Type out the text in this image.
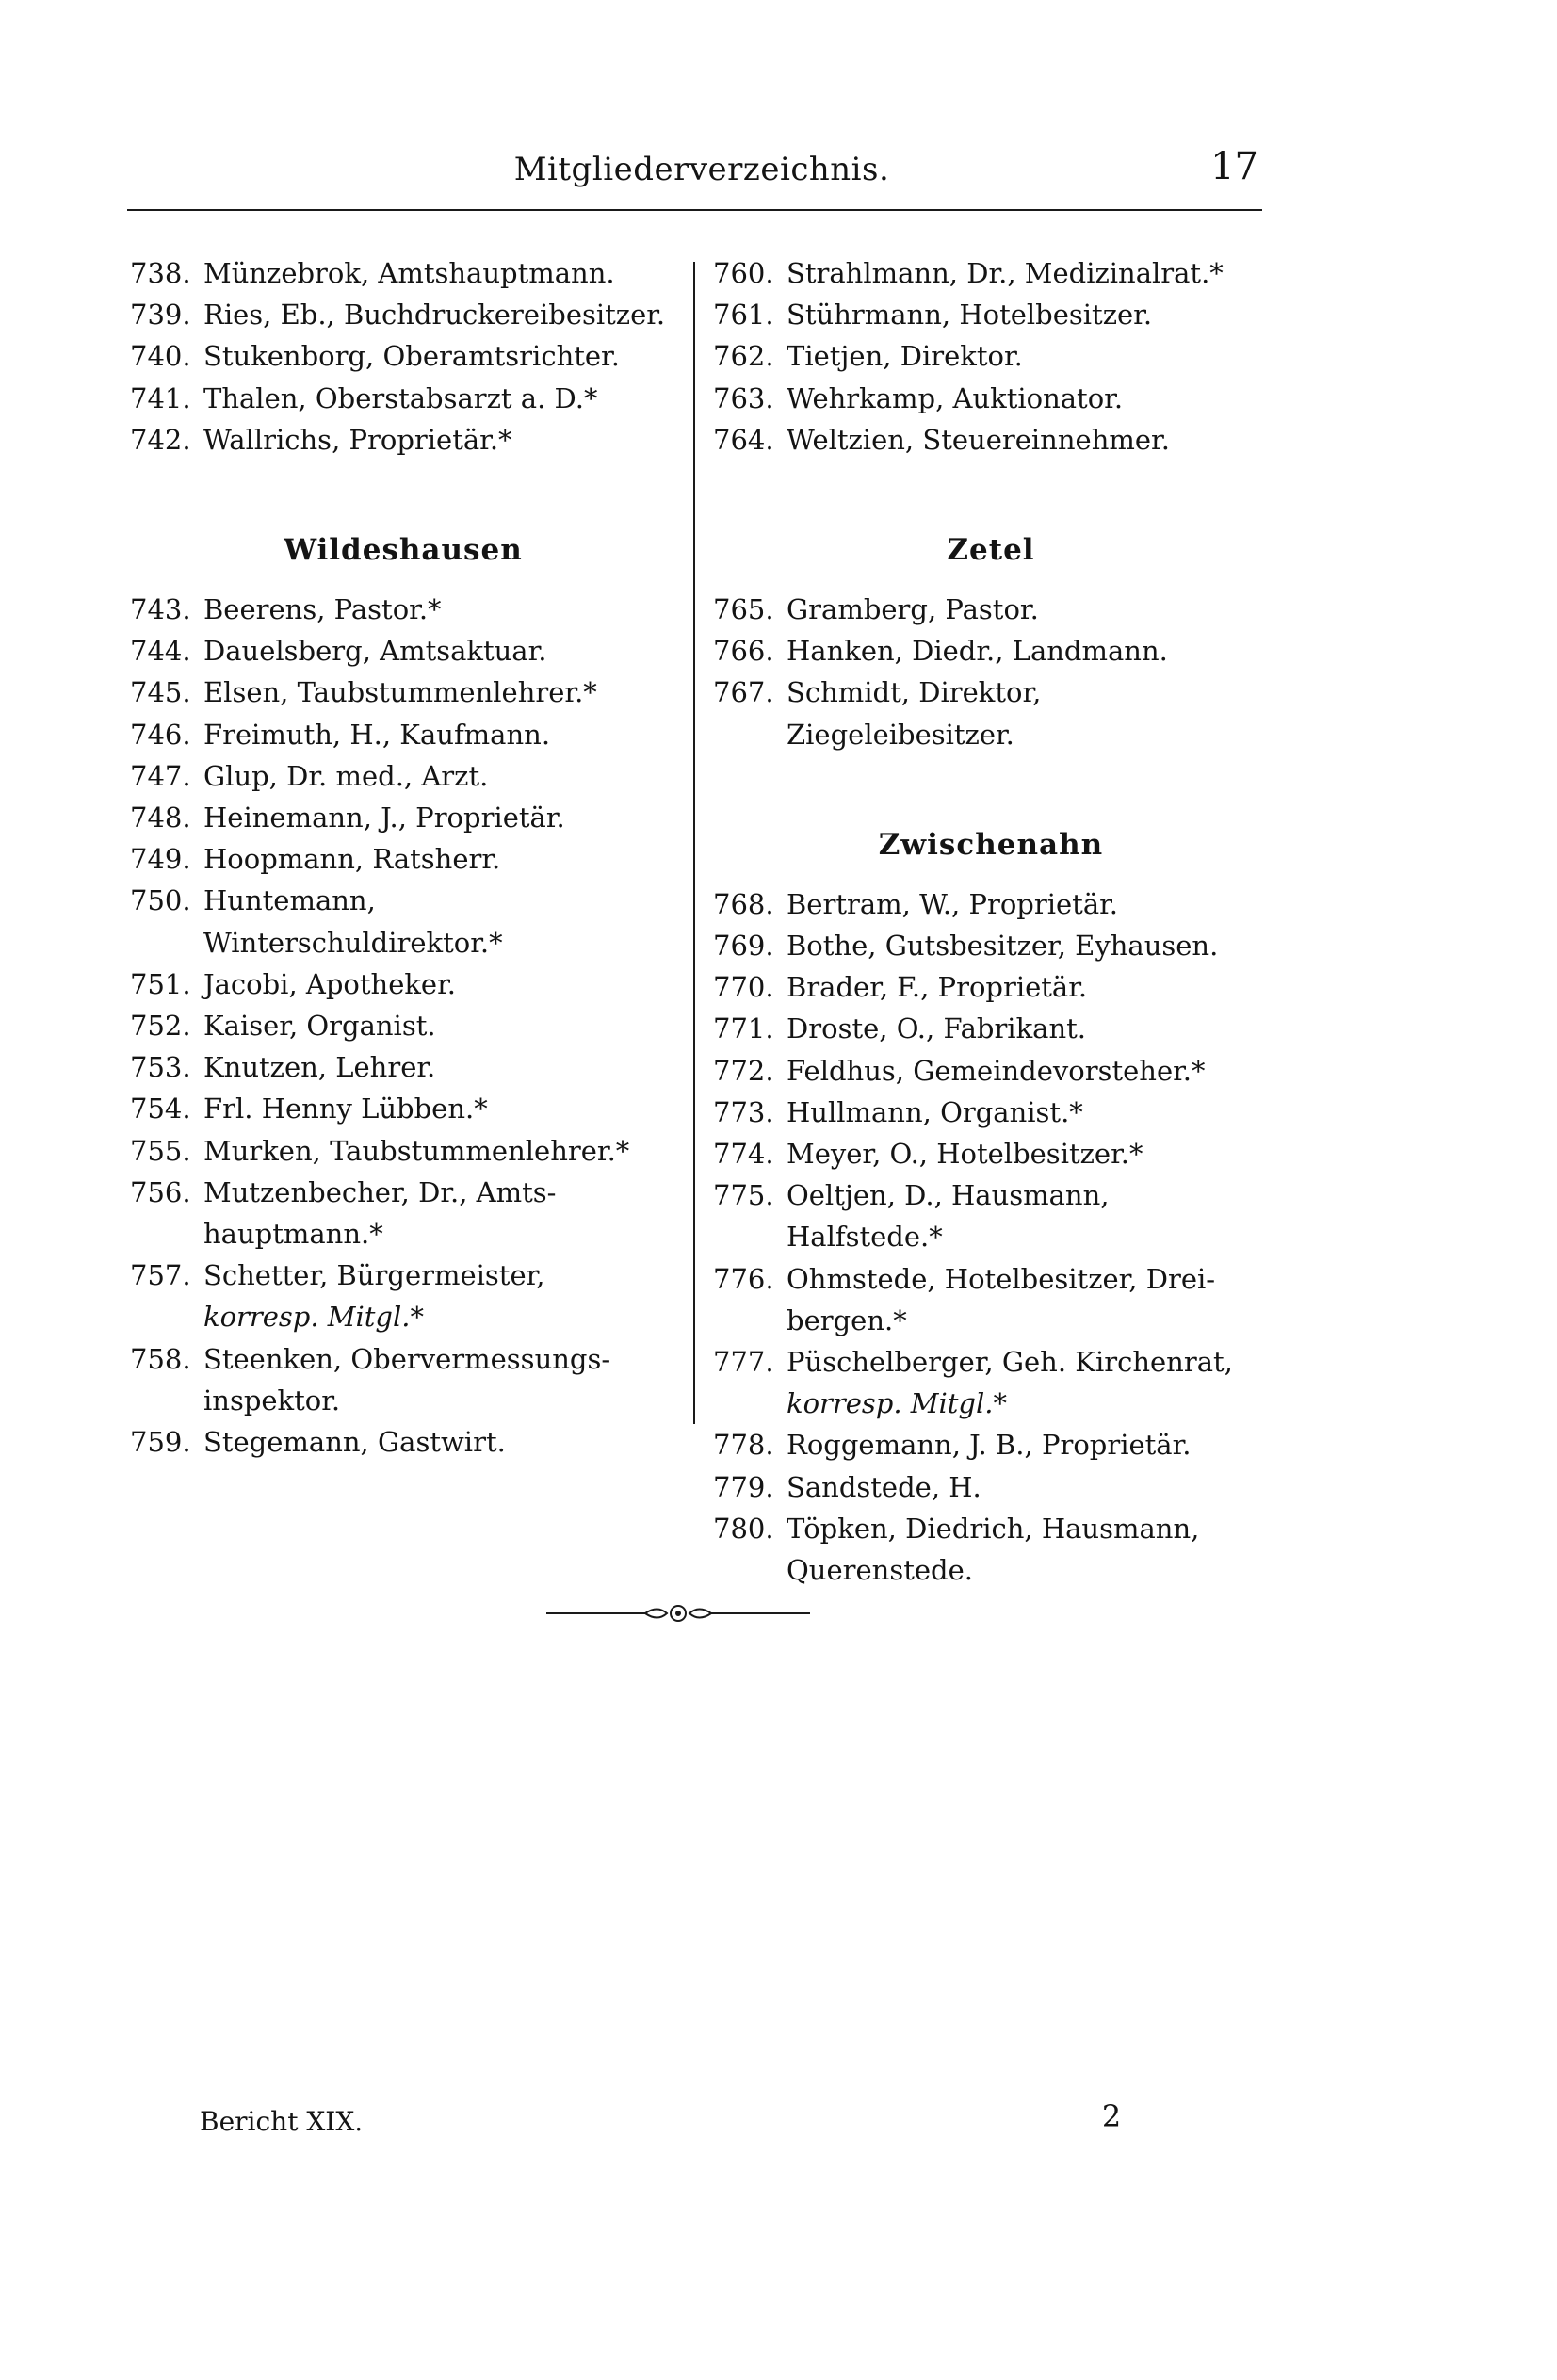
Mitgliederverzeichnis.	17
738. Münzebrok, Amtshauptmann.
739. Ries, Eb., Buchdruckereibesitzer.
740. Stukenborg, Oberamtsrichter.
741. Thalen, Oberstabsarzt a. D.*
742. Wallrichs, Proprietär.*
Wildeshausen
743. Beerens, Pastor.*
744. Dauelsberg, Amtsaktuar.
745. Elsen, Taubstummenlehrer.*
746. Freimuth, H., Kaufmann.
747. Glup, Dr. med., Arzt.
748. Heinemann, J., Proprietär.
749. Hoopmann, Ratsherr.
750. Huntemann, Winterschuldirektor.*
751. Jacobi, Apotheker.
752. Kaiser, Organist.
753. Knutzen, Lehrer.
754. Frl. Henny Lübben.*
755. Murken, Taubstummenlehrer.*
756. Mutzenbecher, Dr., Amts-
hauptmann.*
757. Schetter, Bürgermeister,
korresp. Mitgl.*
758. Steenken, Obervermessungs-
inspektor.
759. Stegemann, Gastwirt.
760. Strahlmann, Dr., Medizinalrat.*
761. Stührmann, Hotelbesitzer.
762. Tietjen, Direktor.
763. Wehrkamp, Auktionator.
764. Weltzien, Steuereinnehmer.
Zetel
765. Gramberg, Pastor.
766. Hanken, Diedr., Landmann.
767. Schmidt, Direktor, Ziegeleibesitzer.
Zwischenahn
768. Bertram, W., Proprietär.
769. Bothe, Gutsbesitzer, Eyhausen.
770. Brader, F., Proprietär.
771. Droste, O., Fabrikant.
772. Feldhus, Gemeindevorsteher.*
773. Hullmann, Organist.*
774. Meyer, O., Hotelbesitzer.*
775. Oeltjen, D., Hausmann, Halfstede.*
776. Ohmstede, Hotelbesitzer, Drei-
bergen.*
777. Püschelberger, Geh. Kirchenrat,
korresp. Mitgl.*
778. Roggemann, J. B., Proprietär.
779. Sandstede, H.
780. Töpken, Diedrich, Hausmann,
Querenstede.
Bericht XIX.	2
